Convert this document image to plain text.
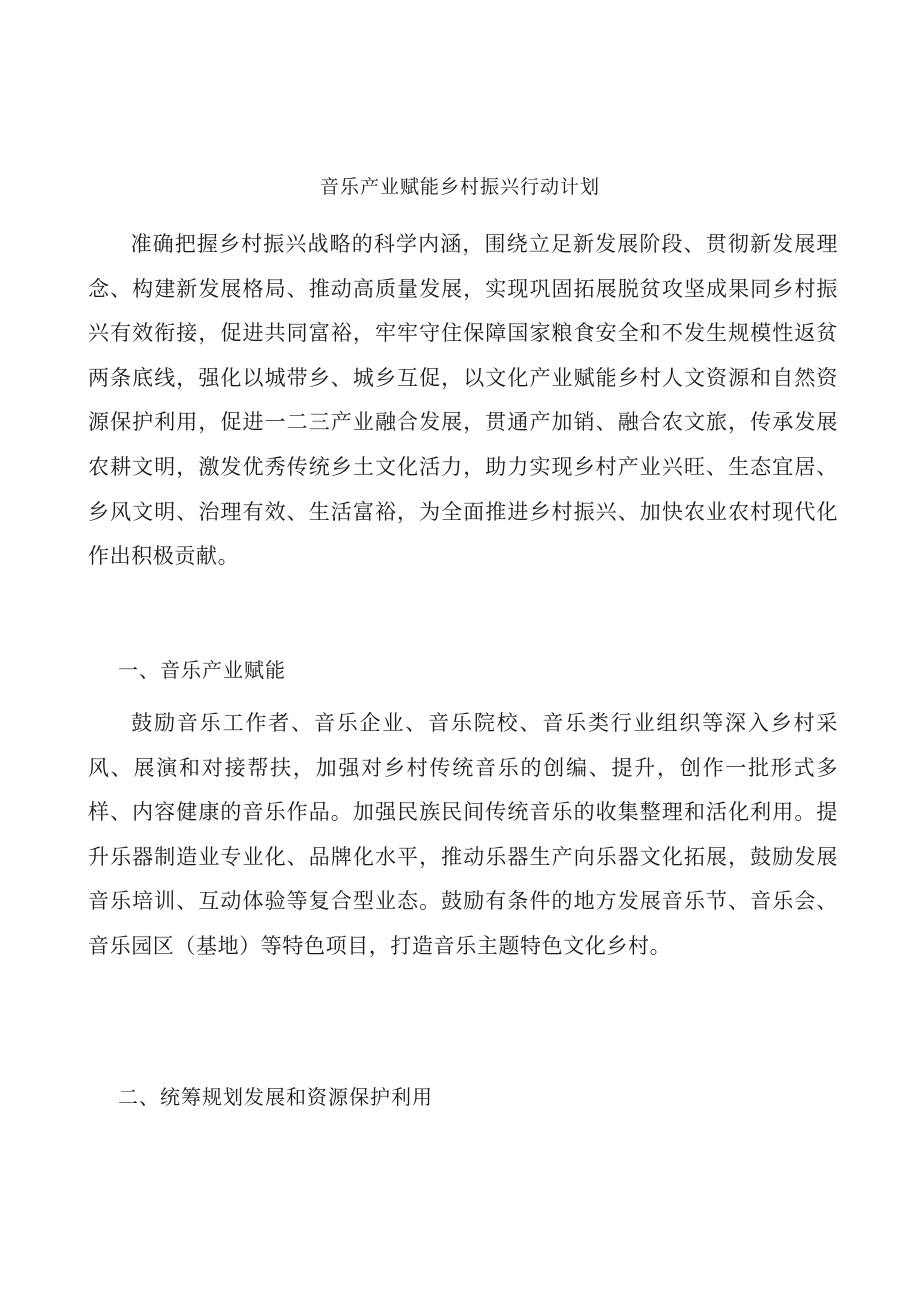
音乐产业赋能乡村振兴行动计划

准确把握乡村振兴战略的科学内涵，围绕立足新发展阶段、贯彻新发展理念、构建新发展格局、推动高质量发展，实现巩固拓展脱贫攻坚成果同乡村振兴有效衔接，促进共同富裕，牢牢守住保障国家粮食安全和不发生规模性返贫两条底线，强化以城带乡、城乡互促，以文化产业赋能乡村人文资源和自然资源保护利用，促进一二三产业融合发展，贯通产加销、融合农文旅，传承发展农耕文明，激发优秀传统乡土文化活力，助力实现乡村产业兴旺、生态宜居、乡风文明、治理有效、生活富裕，为全面推进乡村振兴、加快农业农村现代化作出积极贡献。

一、音乐产业赋能

鼓励音乐工作者、音乐企业、音乐院校、音乐类行业组织等深入乡村采风、展演和对接帮扶，加强对乡村传统音乐的创编、提升，创作一批形式多样、内容健康的音乐作品。加强民族民间传统音乐的收集整理和活化利用。提升乐器制造业专业化、品牌化水平，推动乐器生产向乐器文化拓展，鼓励发展音乐培训、互动体验等复合型业态。鼓励有条件的地方发展音乐节、音乐会、音乐园区（基地）等特色项目，打造音乐主题特色文化乡村。

二、统筹规划发展和资源保护利用
